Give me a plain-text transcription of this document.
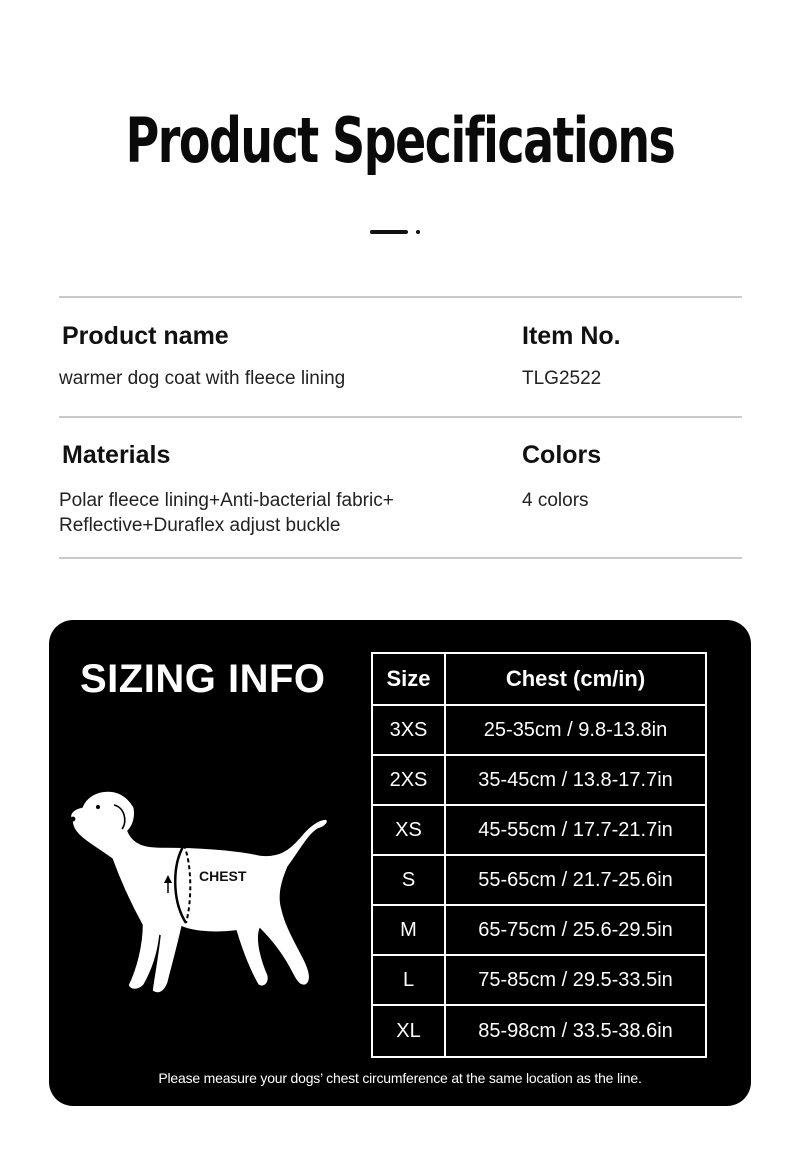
Product Specifications
Product name
warmer dog coat with fleece lining
Item No.
TLG2522
Materials
Polar fleece lining+Anti-bacterial fabric+
Reflective+Duraflex adjust buckle
Colors
4 colors
SIZING INFO
CHEST
Size	Chest (cm/in)
3XS	25-35cm / 9.8-13.8in
2XS	35-45cm / 13.8-17.7in
XS	45-55cm / 17.7-21.7in
S	55-65cm / 21.7-25.6in
M	65-75cm / 25.6-29.5in
L	75-85cm / 29.5-33.5in
XL	85-98cm / 33.5-38.6in
Please measure your dogs’ chest circumference at the same location as the line.
